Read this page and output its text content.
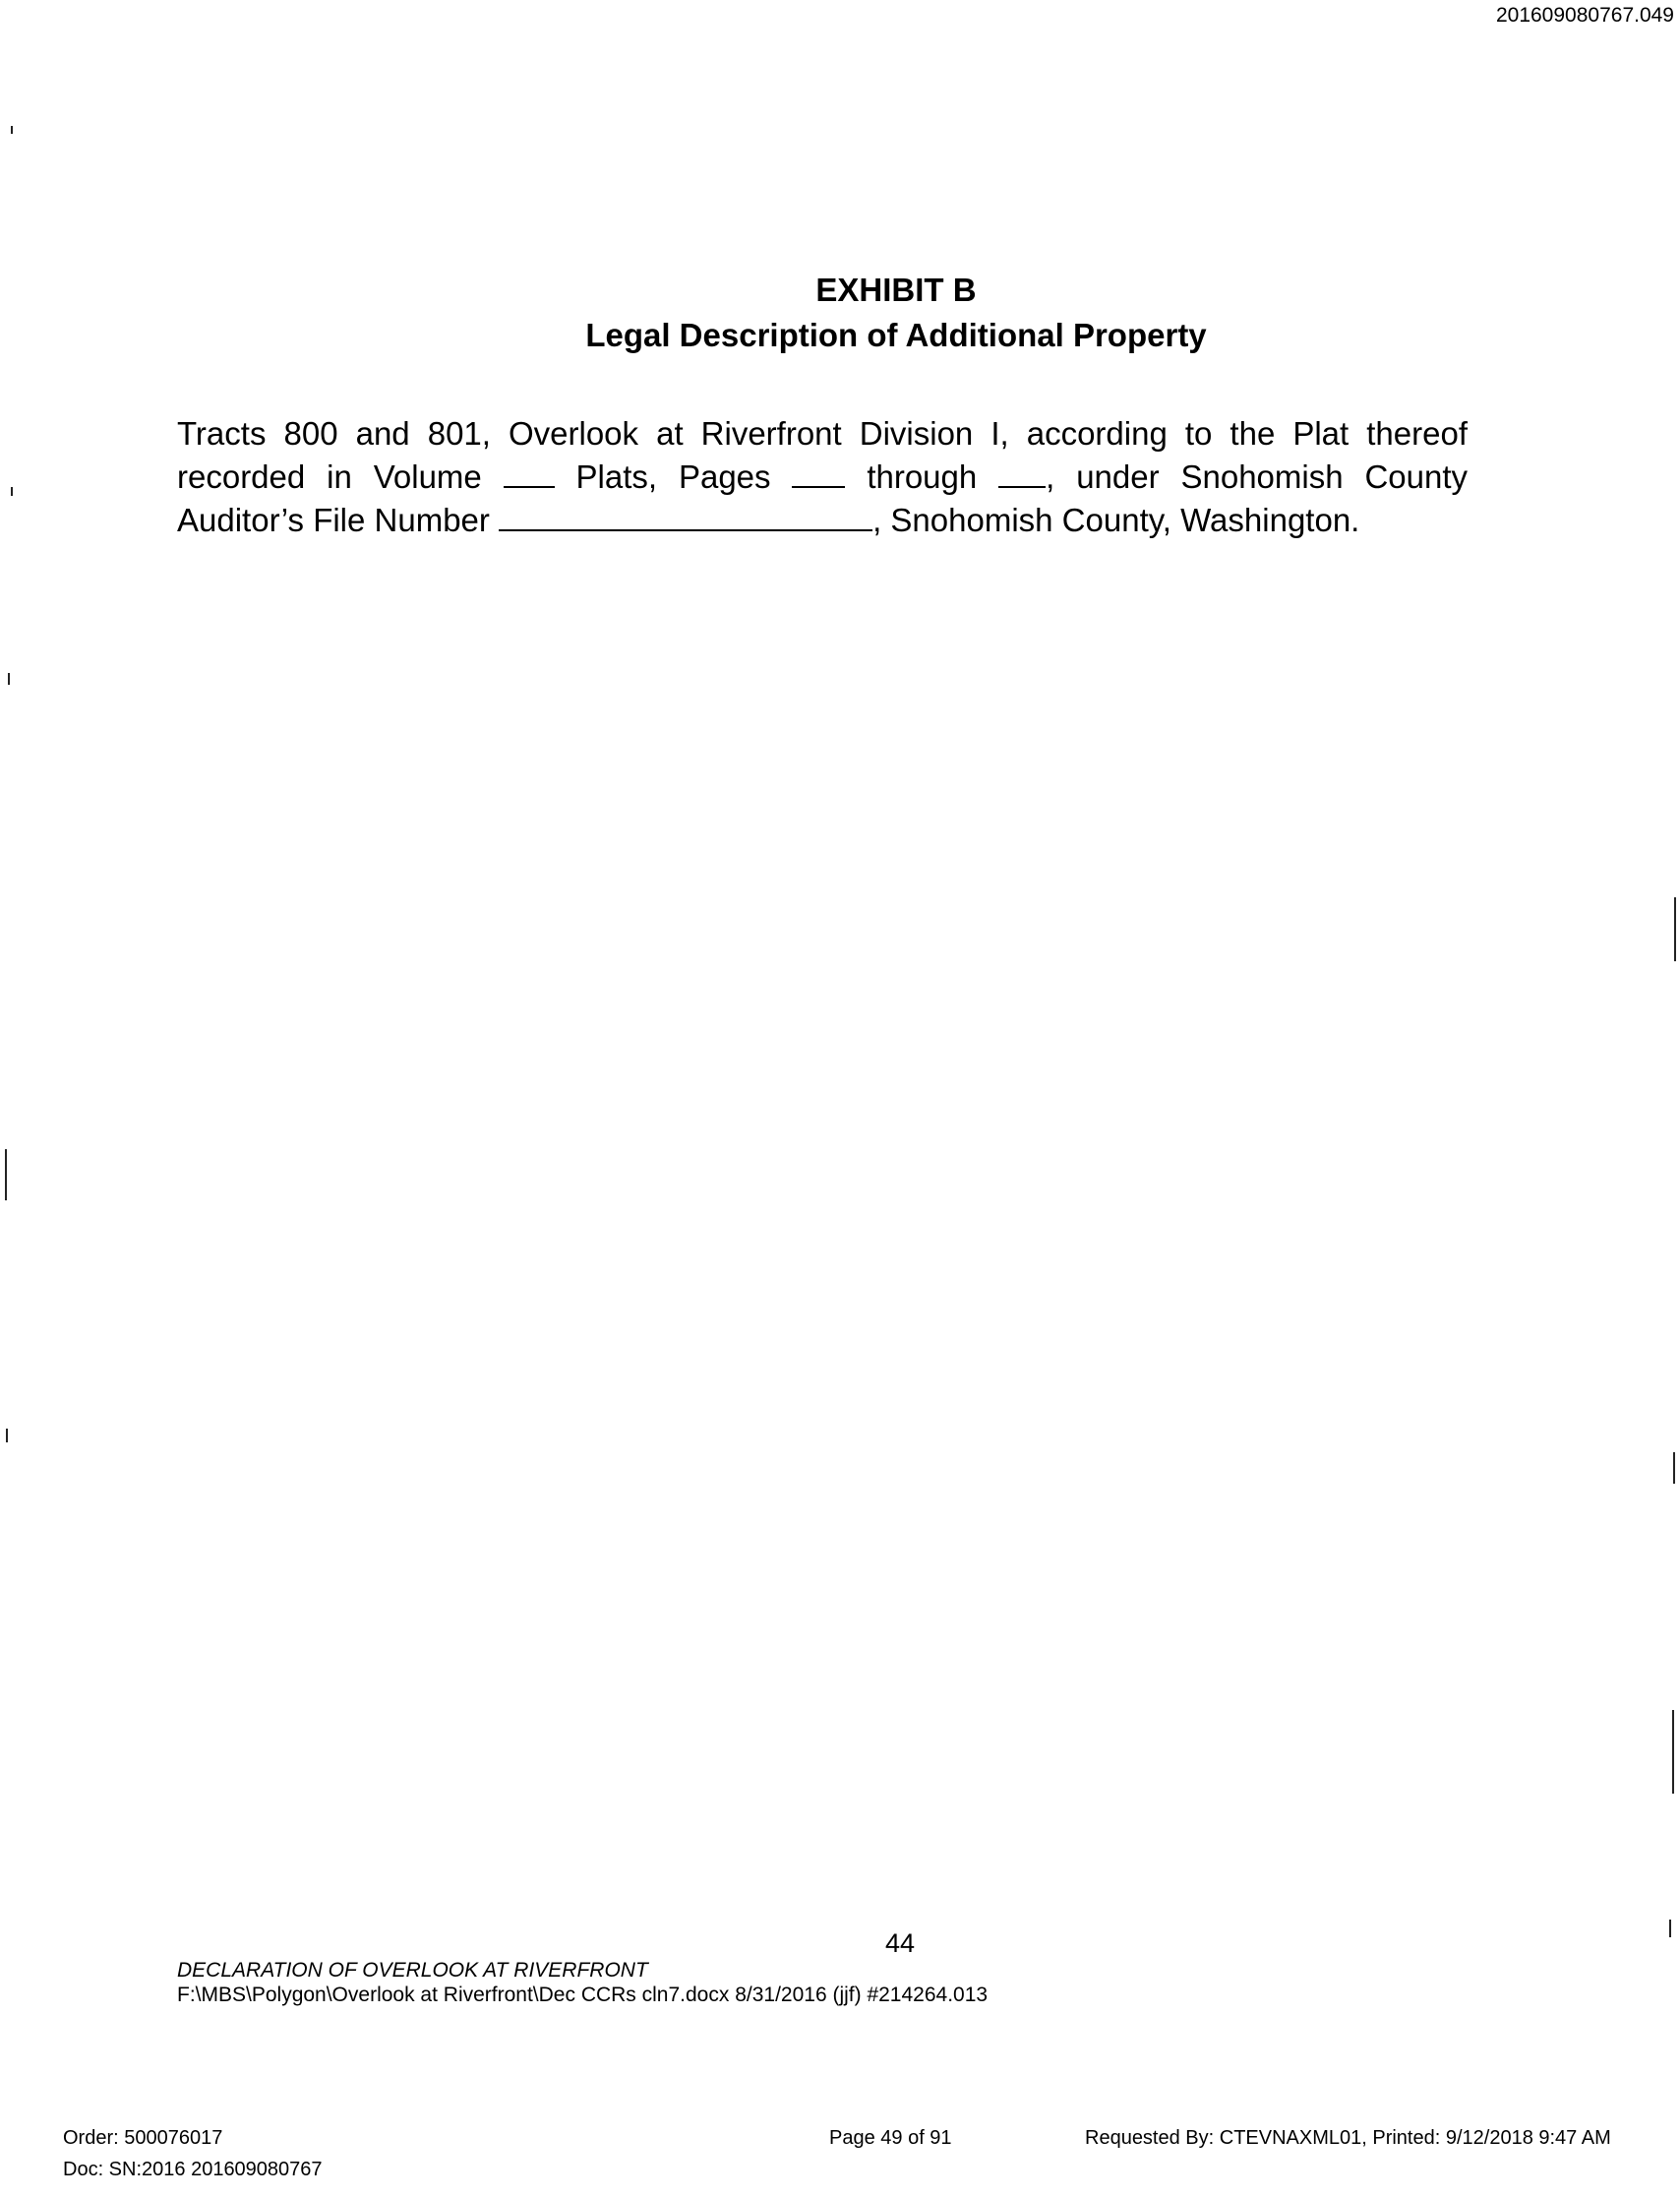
201609080767.049
EXHIBIT B
Legal Description of Additional Property
Tracts 800 and 801, Overlook at Riverfront Division I, according to the Plat thereof
recorded in Volume	Plats, Pages	through , under Snohomish County
Auditor’s File Number	, Snohomish County, Washington.
44
DECLARATION OF OVERLOOK AT RIVERFRONT
F:\MBS\Polygon\Overlook at Riverfront\Dec CCRs cln7.docx 8/31/2016 (jjf) #214264.013
Order: 500076017
Doc: SN:2016 201609080767
Page 49 of 91	Requested By: CTEVNAXML01, Printed: 9/12/2018 9:47 AM
